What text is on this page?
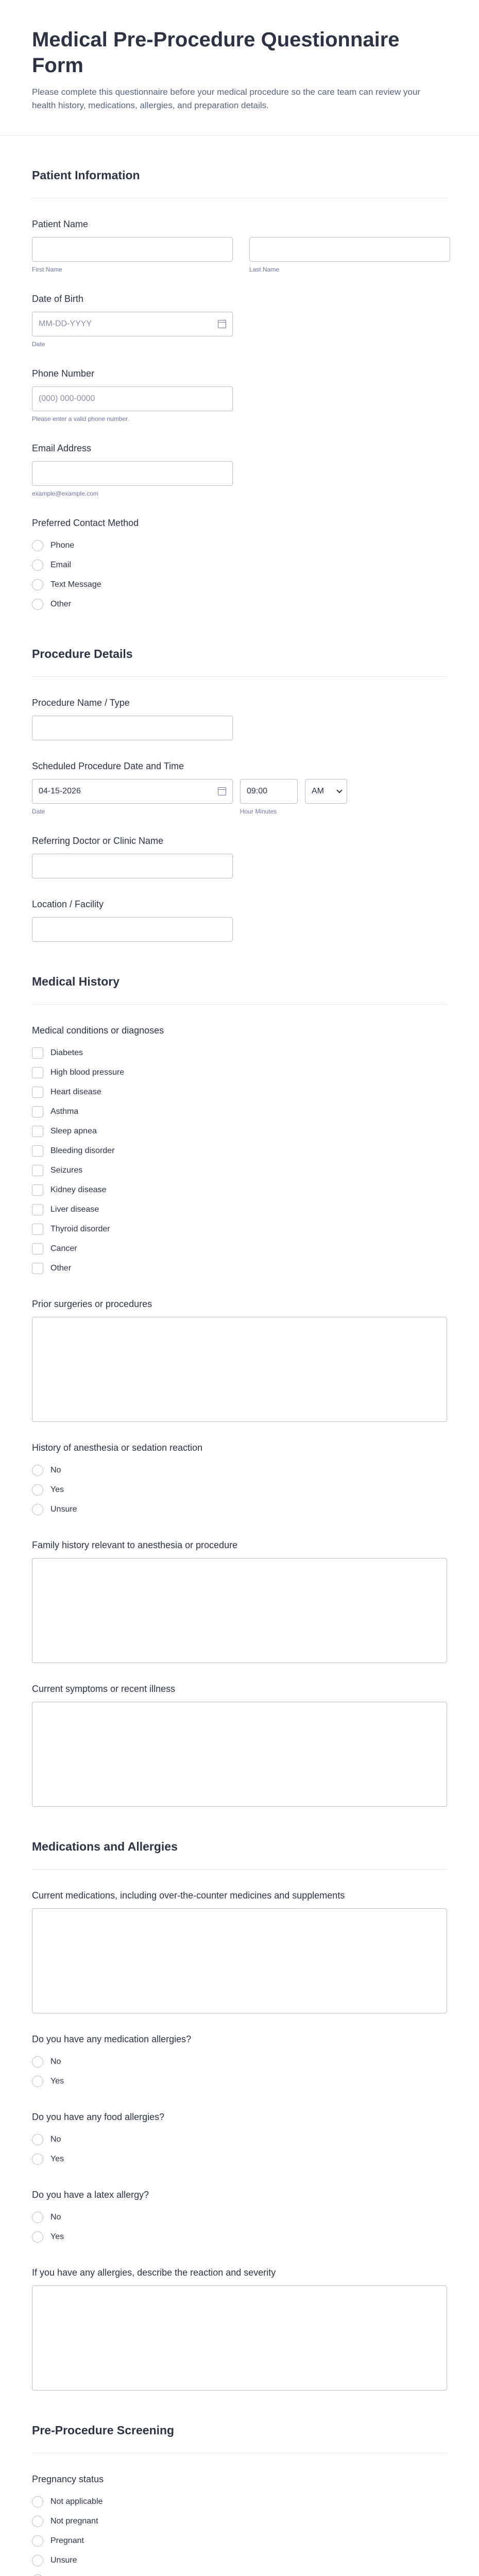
Medical Pre-Procedure Questionnaire Form

Please complete this questionnaire before your medical procedure so the care team can review your health history, medications, allergies, and preparation details.

Patient Information
Patient Name
First Name	Last Name
Date of Birth
MM-DD-YYYY
Date
Phone Number
(000) 000-0000
Please enter a valid phone number.
Email Address
example@example.com
Preferred Contact Method
Phone
Email
Text Message
Other
Procedure Details
Procedure Name / Type
Scheduled Procedure Date and Time
04-15-2026
Date
09:00
Hour Minutes
AM
Referring Doctor or Clinic Name
Location / Facility
Medical History
Medical conditions or diagnoses
Diabetes
High blood pressure
Heart disease
Asthma
Sleep apnea
Bleeding disorder
Seizures
Kidney disease
Liver disease
Thyroid disorder
Cancer
Other
Prior surgeries or procedures
History of anesthesia or sedation reaction
No
Yes
Unsure
Family history relevant to anesthesia or procedure
Current symptoms or recent illness
Medications and Allergies
Current medications, including over-the-counter medicines and supplements
Do you have any medication allergies?
No
Yes
Do you have any food allergies?
No
Yes
Do you have a latex allergy?
No
Yes
If you have any allergies, describe the reaction and severity
Pre-Procedure Screening
Pregnancy status
Not applicable
Not pregnant
Pregnant
Unsure
